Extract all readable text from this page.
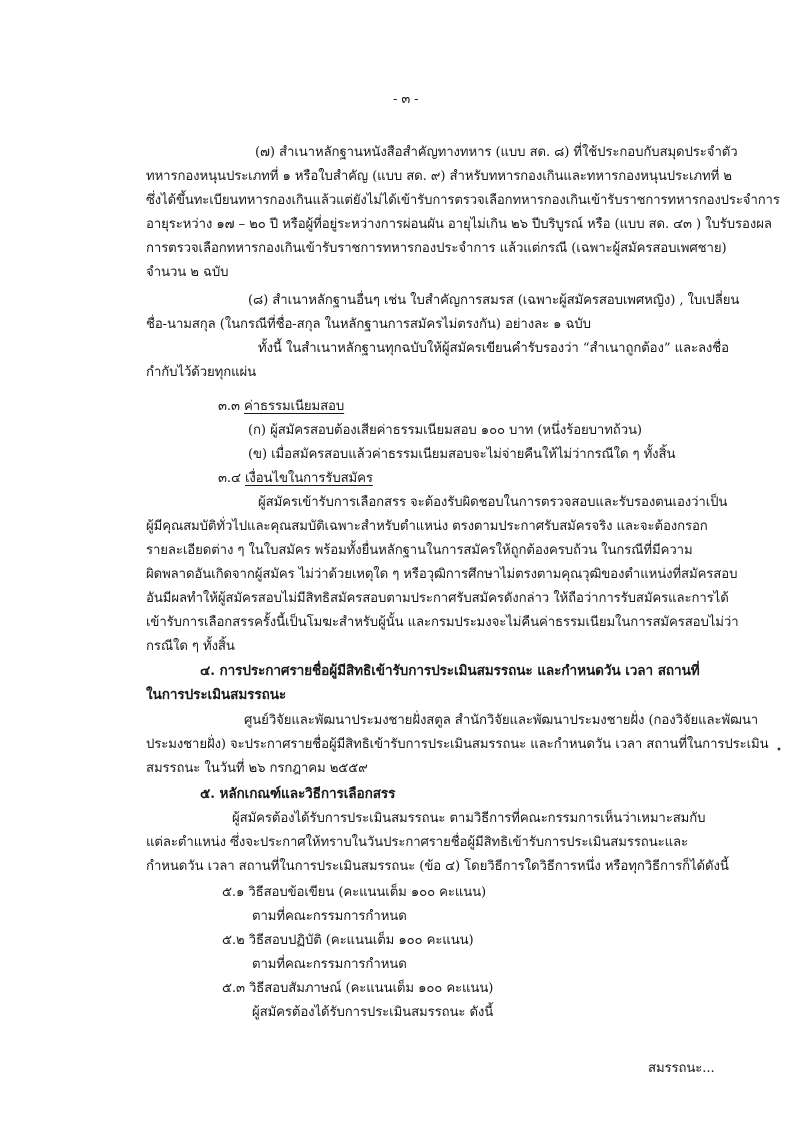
- ๓ -
(๗) สำเนาหลักฐานหนังสือสำคัญทางทหาร (แบบ สด. ๘) ที่ใช้ประกอบกับสมุดประจำตัว
ทหารกองหนุนประเภทที่ ๑ หรือใบสำคัญ (แบบ สด. ๙) สำหรับทหารกองเกินและทหารกองหนุนประเภทที่ ๒
ซึ่งได้ขึ้นทะเบียนทหารกองเกินแล้วแต่ยังไม่ได้เข้ารับการตรวจเลือกทหารกองเกินเข้ารับราชการทหารกองประจำการ
อายุระหว่าง ๑๗ – ๒๐ ปี หรือผู้ที่อยู่ระหว่างการผ่อนผัน อายุไม่เกิน ๒๖ ปีบริบูรณ์ หรือ (แบบ สด. ๔๓ ) ใบรับรองผล
การตรวจเลือกทหารกองเกินเข้ารับราชการทหารกองประจำการ แล้วแต่กรณี (เฉพาะผู้สมัครสอบเพศชาย)
จำนวน ๒ ฉบับ
(๘) สำเนาหลักฐานอื่นๆ เช่น ใบสำคัญการสมรส (เฉพาะผู้สมัครสอบเพศหญิง) , ใบเปลี่ยน
ชื่อ-นามสกุล (ในกรณีที่ชื่อ-สกุล ในหลักฐานการสมัครไม่ตรงกัน) อย่างละ ๑ ฉบับ
ทั้งนี้ ในสำเนาหลักฐานทุกฉบับให้ผู้สมัครเขียนคำรับรองว่า “สำเนาถูกต้อง” และลงชื่อ
กำกับไว้ด้วยทุกแผ่น
๓.๓ ค่าธรรมเนียมสอบ
(ก) ผู้สมัครสอบต้องเสียค่าธรรมเนียมสอบ ๑๐๐ บาท (หนึ่งร้อยบาทถ้วน)
(ข) เมื่อสมัครสอบแล้วค่าธรรมเนียมสอบจะไม่จ่ายคืนให้ไม่ว่ากรณีใด ๆ ทั้งสิ้น
๓.๔ เงื่อนไขในการรับสมัคร
ผู้สมัครเข้ารับการเลือกสรร จะต้องรับผิดชอบในการตรวจสอบและรับรองตนเองว่าเป็น
ผู้มีคุณสมบัติทั่วไปและคุณสมบัติเฉพาะสำหรับตำแหน่ง ตรงตามประกาศรับสมัครจริง และจะต้องกรอก
รายละเอียดต่าง ๆ ในใบสมัคร พร้อมทั้งยื่นหลักฐานในการสมัครให้ถูกต้องครบถ้วน ในกรณีที่มีความ
ผิดพลาดอันเกิดจากผู้สมัคร ไม่ว่าด้วยเหตุใด ๆ หรือวุฒิการศึกษาไม่ตรงตามคุณวุฒิของตำแหน่งที่สมัครสอบ
อันมีผลทำให้ผู้สมัครสอบไม่มีสิทธิสมัครสอบตามประกาศรับสมัครดังกล่าว ให้ถือว่าการรับสมัครและการได้
เข้ารับการเลือกสรรครั้งนี้เป็นโมฆะสำหรับผู้นั้น และกรมประมงจะไม่คืนค่าธรรมเนียมในการสมัครสอบไม่ว่า
กรณีใด ๆ ทั้งสิ้น
๔. การประกาศรายชื่อผู้มีสิทธิเข้ารับการประเมินสมรรถนะ และกำหนดวัน เวลา สถานที่
ในการประเมินสมรรถนะ
ศูนย์วิจัยและพัฒนาประมงชายฝั่งสตูล สำนักวิจัยและพัฒนาประมงชายฝั่ง (กองวิจัยและพัฒนา
ประมงชายฝั่ง) จะประกาศรายชื่อผู้มีสิทธิเข้ารับการประเมินสมรรถนะ และกำหนดวัน เวลา สถานที่ในการประเมิน
สมรรถนะ ในวันที่ ๒๖ กรกฎาคม ๒๕๕๙
•
๕. หลักเกณฑ์และวิธีการเลือกสรร
ผู้สมัครต้องได้รับการประเมินสมรรถนะ ตามวิธีการที่คณะกรรมการเห็นว่าเหมาะสมกับ
แต่ละตำแหน่ง ซึ่งจะประกาศให้ทราบในวันประกาศรายชื่อผู้มีสิทธิเข้ารับการประเมินสมรรถนะและ
กำหนดวัน เวลา สถานที่ในการประเมินสมรรถนะ (ข้อ ๔) โดยวิธีการใดวิธีการหนึ่ง หรือทุกวิธีการก็ได้ดังนี้
๕.๑ วิธีสอบข้อเขียน (คะแนนเต็ม ๑๐๐ คะแนน)
ตามที่คณะกรรมการกำหนด
๕.๒ วิธีสอบปฏิบัติ (คะแนนเต็ม ๑๐๐ คะแนน)
ตามที่คณะกรรมการกำหนด
๕.๓ วิธีสอบสัมภาษณ์ (คะแนนเต็ม ๑๐๐ คะแนน)
ผู้สมัครต้องได้รับการประเมินสมรรถนะ ดังนี้
สมรรถนะ...
